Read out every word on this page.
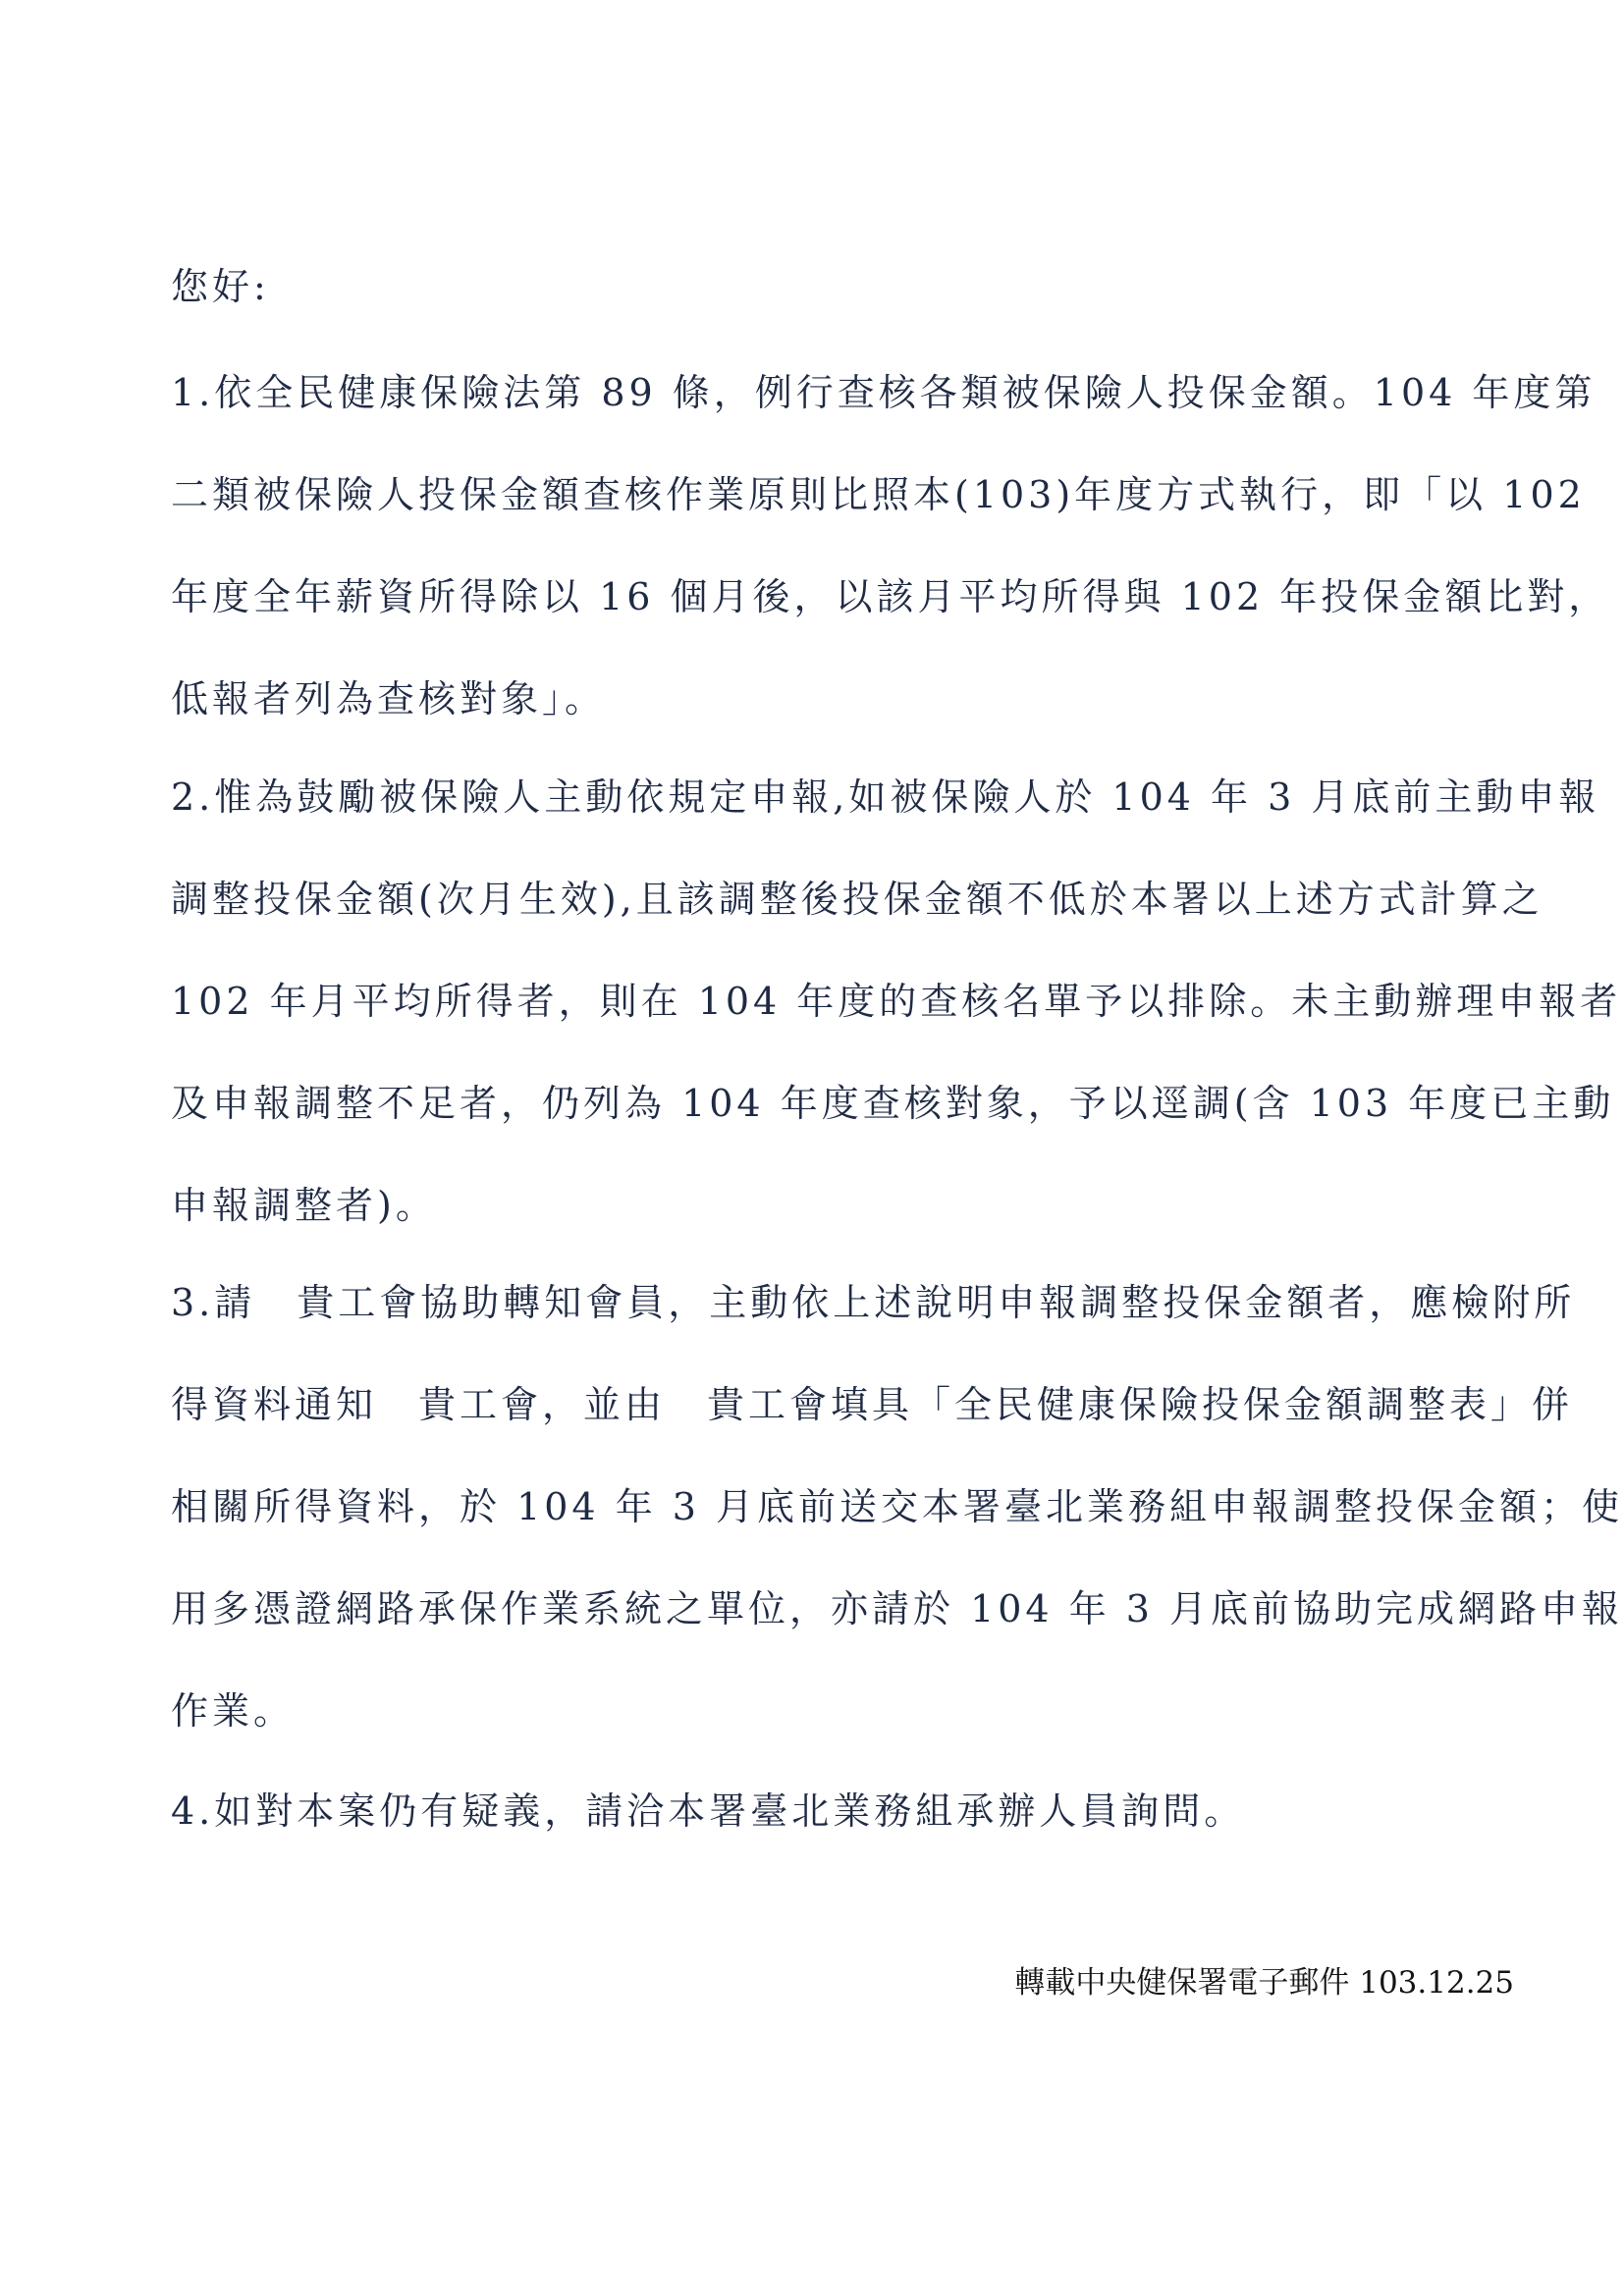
您好:
1.依全民健康保險法第 89 條，例行查核各類被保險人投保金額。104 年度第
二類被保險人投保金額查核作業原則比照本(103)年度方式執行，即「以 102
年度全年薪資所得除以 16 個月後，以該月平均所得與 102 年投保金額比對，
低報者列為查核對象」。
2.惟為鼓勵被保險人主動依規定申報,如被保險人於 104 年 3 月底前主動申報
調整投保金額(次月生效),且該調整後投保金額不低於本署以上述方式計算之
102 年月平均所得者，則在 104 年度的查核名單予以排除。未主動辦理申報者
及申報調整不足者，仍列為 104 年度查核對象，予以逕調(含 103 年度已主動
申報調整者)。
3.請　貴工會協助轉知會員，主動依上述說明申報調整投保金額者，應檢附所
得資料通知　貴工會，並由　貴工會填具「全民健康保險投保金額調整表」併
相關所得資料，於 104 年 3 月底前送交本署臺北業務組申報調整投保金額；使
用多憑證網路承保作業系統之單位，亦請於 104 年 3 月底前協助完成網路申報
作業。
4.如對本案仍有疑義，請洽本署臺北業務組承辦人員詢問。
轉載中央健保署電子郵件 103.12.25
